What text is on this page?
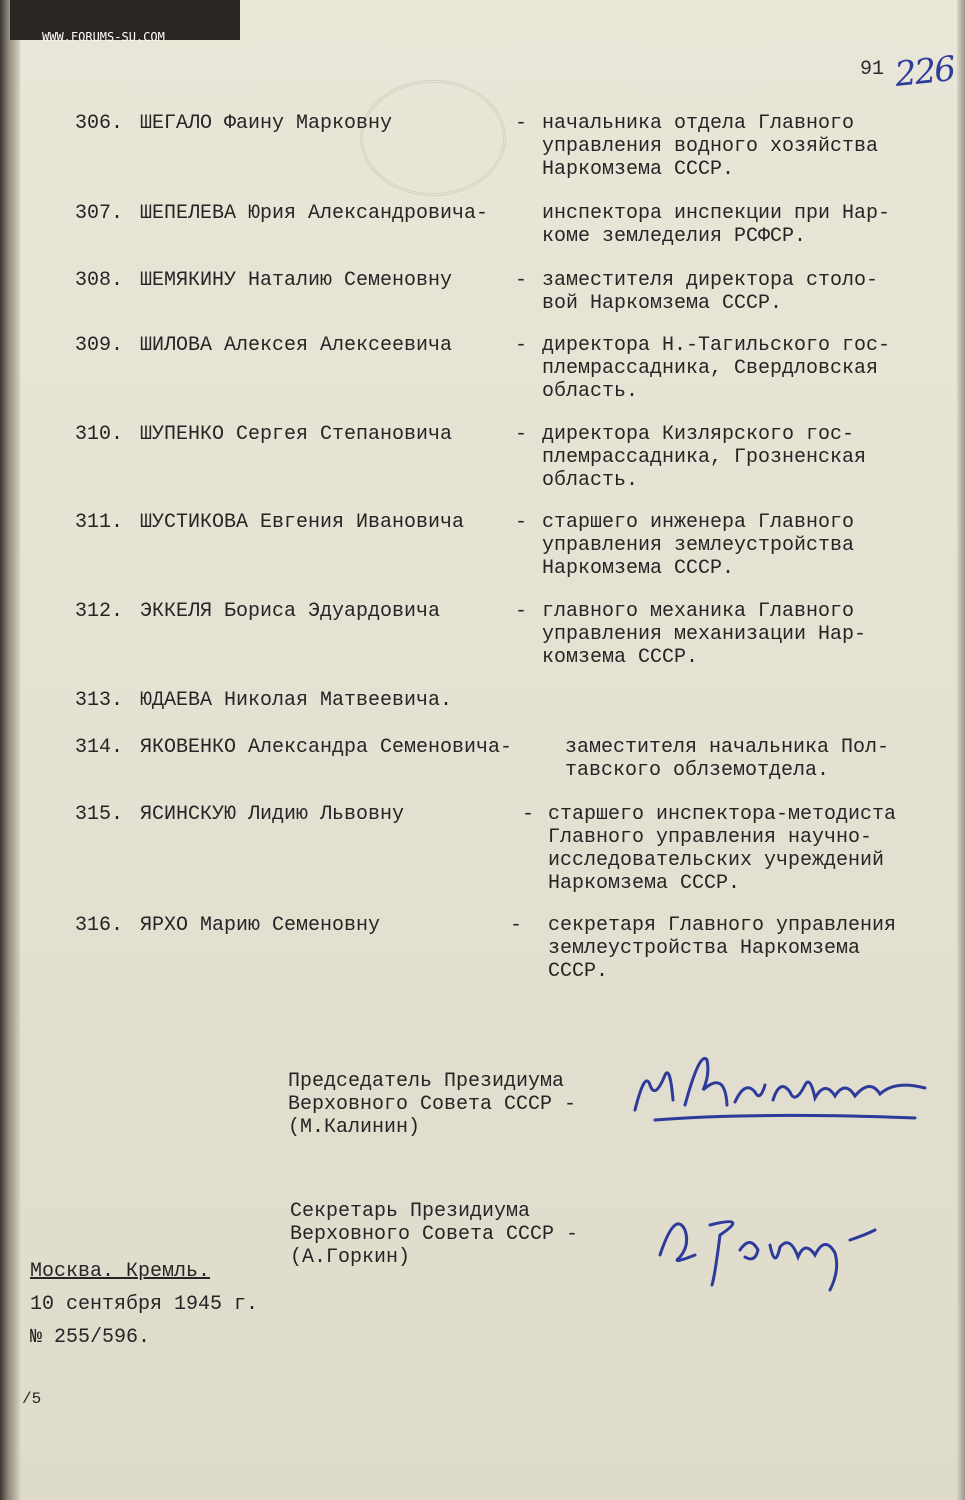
WWW.FORUMS-SU.COM
91 226
306. ШЕГАЛО Фаину Марковну	- начальника отдела Главного
управления водного хозяйства
Наркомзема СССР.
307. ШЕПЕЛЕВА Юрия Александровича-	инспектора инспекции при Нар-
коме земледелия РСФСР.
308. ШЕМЯКИНУ Наталию Семеновну	- заместителя директора столо-
вой Наркомзема СССР.
309. ШИЛОВА Алексея Алексеевича	- директора Н.-Тагильского гос-
племрассадника, Свердловская
область.
310. ШУПЕНКО Сергея Степановича	- директора Кизлярского гос-
племрассадника, Грозненская
область.
311. ШУСТИКОВА Евгения Ивановича	- старшего инженера Главного
управления землеустройства
Наркомзема СССР.
312. ЭККЕЛЯ Бориса Эдуардовича	- главного механика Главного
управления механизации Нар-
комзема СССР.
313. ЮДАЕВА Николая Матвеевича.
314. ЯКОВЕНКО Александра Семеновича-	заместителя начальника Пол-
тавского облземотдела.
315. ЯСИНСКУЮ Лидию Львовну	- старшего инспектора-методиста
Главного управления научно-
исследовательских учреждений
Наркомзема СССР.
316. ЯРХО Марию Семеновну	- секретаря Главного управления
землеустройства Наркомзема
СССР.
Председатель Президиума
Верховного Совета СССР -
(М.Калинин)
Секретарь Президиума
Верховного Совета СССР -
(А.Горкин)
Москва. Кремль.
10 сентября 1945 г.
№ 255/596.
/5
